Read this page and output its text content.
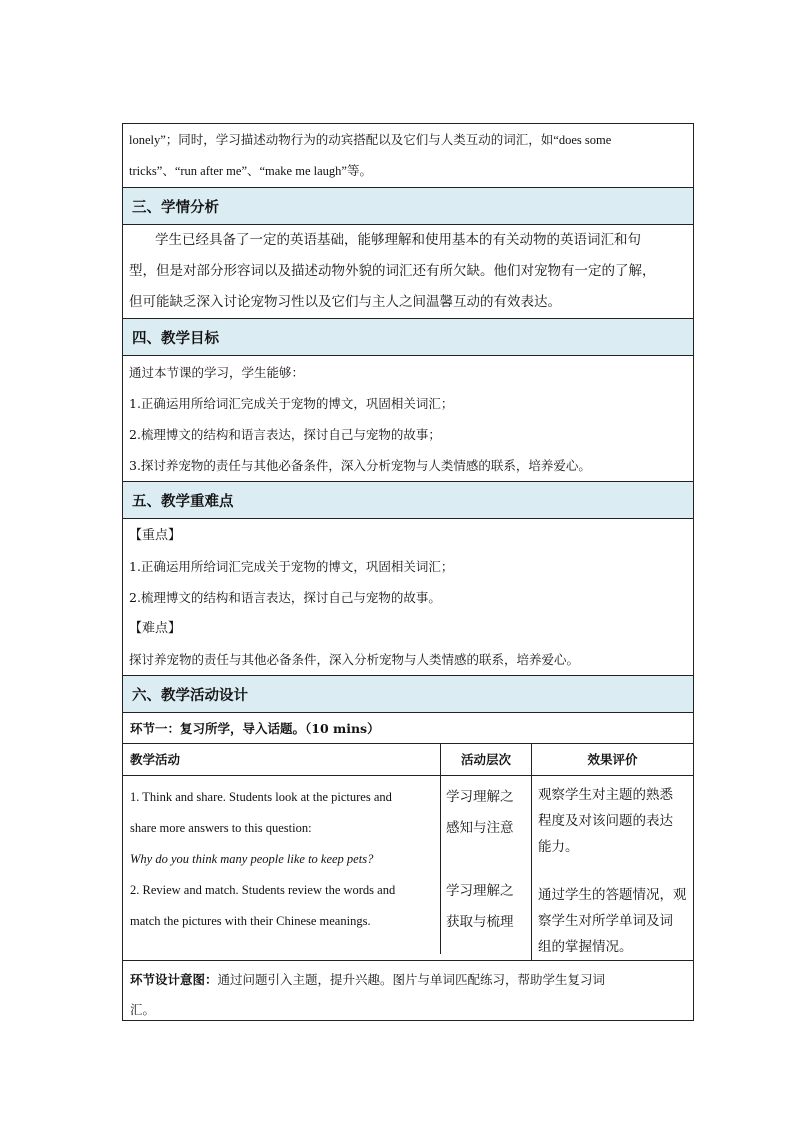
lonely”；同时，学习描述动物行为的动宾搭配以及它们与人类互动的词汇，如“does some
tricks”、“run after me”、“make me laugh”等。
三、学情分析
学生已经具备了一定的英语基础，能够理解和使用基本的有关动物的英语词汇和句
型，但是对部分形容词以及描述动物外貌的词汇还有所欠缺。他们对宠物有一定的了解，
但可能缺乏深入讨论宠物习性以及它们与主人之间温馨互动的有效表达。
四、教学目标
通过本节课的学习，学生能够：
1.正确运用所给词汇完成关于宠物的博文，巩固相关词汇；
2.梳理博文的结构和语言表达，探讨自己与宠物的故事；
3.探讨养宠物的责任与其他必备条件，深入分析宠物与人类情感的联系，培养爱心。
五、教学重难点
【重点】
1.正确运用所给词汇完成关于宠物的博文，巩固相关词汇；
2.梳理博文的结构和语言表达，探讨自己与宠物的故事。
【难点】
探讨养宠物的责任与其他必备条件，深入分析宠物与人类情感的联系，培养爱心。
六、教学活动设计
环节一：复习所学，导入话题。（10 mins）
教学活动	活动层次	效果评价
1. Think and share. Students look at the pictures and
share more answers to this question:
Why do you think many people like to keep pets?
2. Review and match. Students review the words and
match the pictures with their Chinese meanings.
学习理解之
感知与注意
学习理解之
获取与梳理
观察学生对主题的熟悉
程度及对该问题的表达
能力。
通过学生的答题情况，观
察学生对所学单词及词
组的掌握情况。
环节设计意图：通过问题引入主题，提升兴趣。图片与单词匹配练习，帮助学生复习词
汇。
